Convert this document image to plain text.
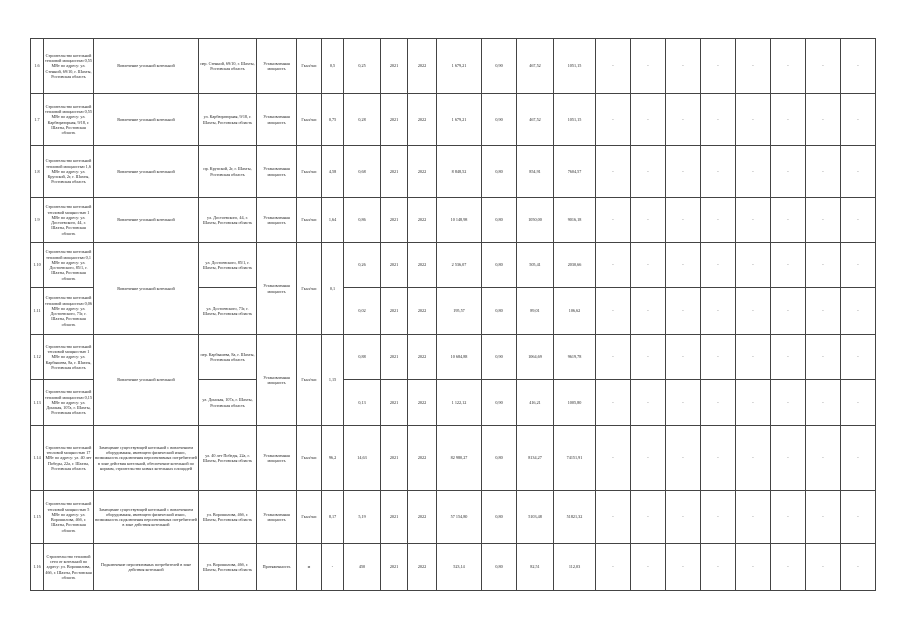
1.6	Строительство котельной тепловой мощностью 0,55 МВт по адресу: ул. Стенной, 69/10, г. Шахты, Ростовская область	Вовлечение угольной котельной	пер. Стенной, 69/10, г. Шахты, Ростовская область	Установленная мощность	Гкал/час	0,5	0,25	2021	2022	1 679,21	0,90	467,52	1051,15	-	-	-	-	-	-	-	-
1.7	Строительство котельной тепловой мощностью 0,55 МВт по адресу: ул. Карбюраторная, 9/18, г. Шахты, Ростовская область	Вовлечение угольной котельной	ул. Карбюраторная, 9/18, г. Шахты, Ростовская область	Установленная мощность	Гкал/час	0,75	0,28	2021	2022	1 679,21	0,90	467,52	1051,15	-	-	-	-	-	-	-	-
1.8	Строительство котельной тепловой мощностью 1,6 МВт по адресу: ул. Крупской, 2г, г. Шахты, Ростовская область	Вовлечение угольной котельной	пр. Крупской, 2г, г. Шахты, Ростовская область	Установленная мощность	Гкал/час	4,58	0,68	2021	2022	8 848,52	0,80	854,91	7604,57	-	-	-	-	-	-	-	-
1.9	Строительство котельной тепловой мощностью 1 МВт по адресу: ул. Достоевского, 44, г. Шахты, Ростовская область	Вовлечение угольной котельной	ул. Достоевского, 44, г. Шахты, Ростовская область	Установленная мощность	Гкал/час	1,64	0,86	2021	2022	10 148,98	0,80	1050,00	9016,18	-	-	-	-	-	-	-	-
1.10	Строительство котельной тепловой мощностью 0,1 МВт по адресу: ул. Достоевского, 85/1, г. Шахты, Ростовская область	Вовлечение угольной котельной	ул. Достоевского, 85/1, г. Шахты, Ростовская область	Установленная мощность	Гкал/час	0,1	0,26	2021	2022	2 536,07	0,80	505,41	2030,66	-	-	-	-	-	-	-	-
1.11	Строительство котельной тепловой мощностью 0,06 МВт по адресу: ул. Достоевского, 73г, г. Шахты, Ростовская область		ул. Достоевского, 73г, г. Шахты, Ростовская область				0,02	2021	2022	195,57	0,80	89,01	106,62	-	-	-	-	-	-	-	-
1.12	Строительство котельной тепловой мощностью 1 МВт по адресу: ул. Карбышева, 8а, г. Шахты, Ростовская область	Вовлечение угольной котельной	пер. Карбышева, 8а, г. Шахты, Ростовская область	Установленная мощность	Гкал/час	1,15	0,88	2021	2022	10 684,88	0,90	1064,69	9619,78	-	-	-	-	-	-	-	-
1.13	Строительство котельной тепловой мощностью 0,15 МВт по адресу: ул. Донская, 107а, г. Шахты, Ростовская область		ул. Донская, 107а, г. Шахты, Ростовская область				0,13	2021	2022	1 122,12	0,90	416,21	1005,80	-	-	-	-	-	-	-	-
1.14	Строительство котельной тепловой мощностью 17 МВт по адресу: ул. 40 лет Победы, 22а, г. Шахты, Ростовская область	Замещение существующей котельной с вовлечением оборудования, имеющего физический износ, возможность подключения перспективных потребителей в зоне действия котельной, обеспечение котельной по нормам, строительство новых котельных площадей	ул. 40 лет Победы, 22а, г. Шахты, Ростовская область	Установленная мощность	Гкал/час	96,2	14,63	2021	2022	82 980,27	0,80	8134,27	74151,91	-	-	-	-	-	-	-	-
1.15	Строительство котельной тепловой мощностью 5 МВт по адресу: ул. Ворошилова, 46б, г. Шахты, Ростовская область	Замещение существующей котельной с вовлечением оборудования, имеющего физический износ, возможность подключения перспективных потребителей в зоне действия котельной	ул. Ворошилова, 46б, г. Шахты, Ростовская область	Установленная мощность	Гкал/час	8,17	5,19	2021	2022	57 154,80	0,80	5103,48	51821,32	-	-	-	-	-	-	-	-
1.16	Строительство тепловой сети от котельной по адресу: ул. Ворошилова, 46б, г. Шахты, Ростовская область	Подключение перспективных потребителей в зоне действия котельной	ул. Ворошилова, 46б, г. Шахты, Ростовская область	Протяженность	м	-	450	2021	2022	523,14	0,80	82,51	112,03	-	-	-	-	-	-	-	-
